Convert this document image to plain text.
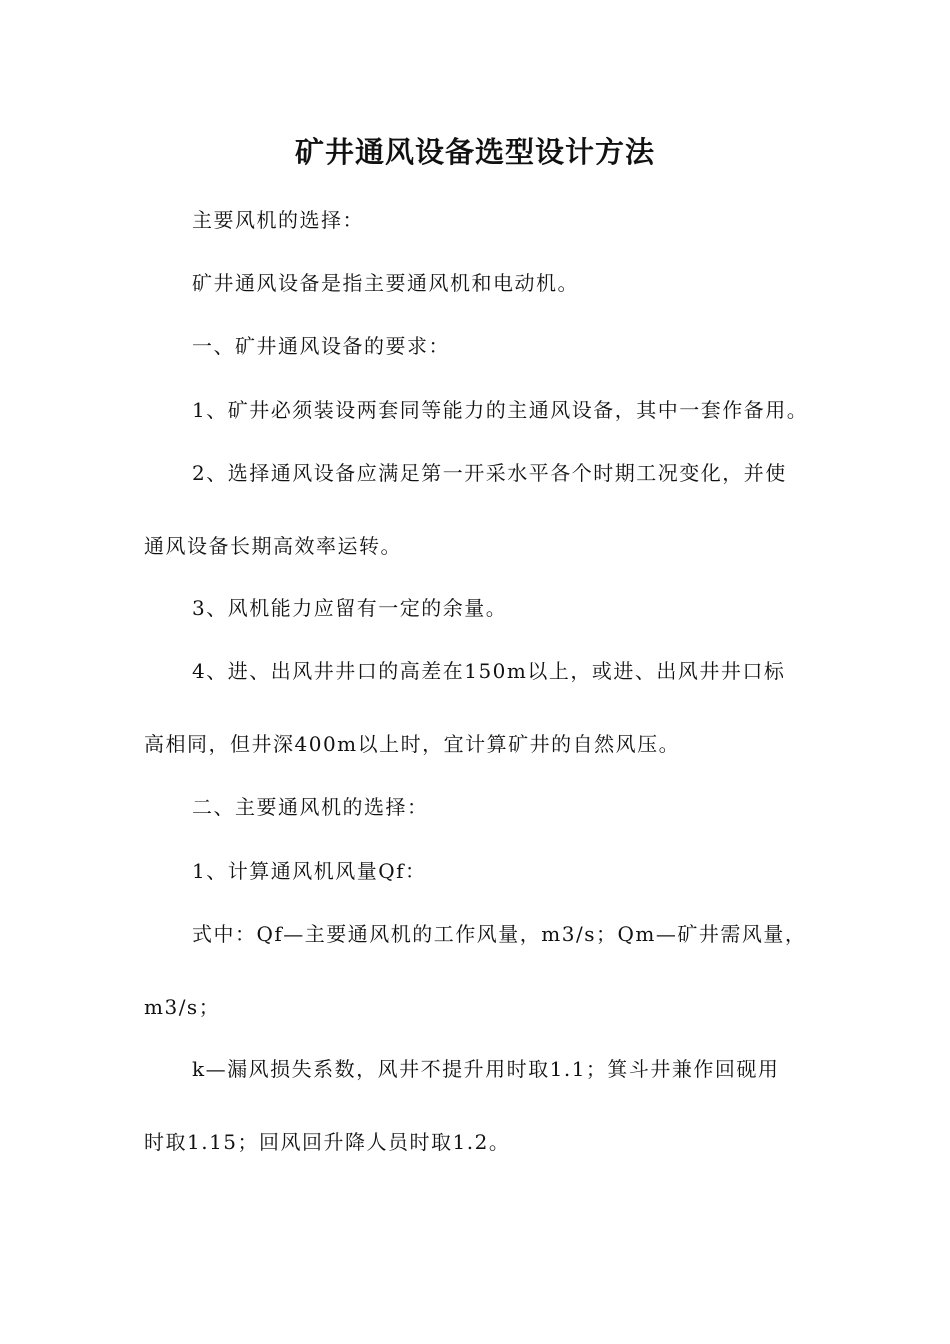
矿井通风设备选型设计方法

主要风机的选择：

矿井通风设备是指主要通风机和电动机。

一、矿井通风设备的要求：

1、矿井必须装设两套同等能力的主通风设备，其中一套作备用。

2、选择通风设备应满足第一开采水平各个时期工况变化，并使

通风设备长期高效率运转。

3、风机能力应留有一定的余量。

4、进、出风井井口的高差在150m以上，或进、出风井井口标

高相同，但井深400m以上时，宜计算矿井的自然风压。

二、主要通风机的选择：

1、计算通风机风量Qf：

式中：Qf—主要通风机的工作风量，m3/s；Qm—矿井需风量，

m3/s；

k—漏风损失系数，风井不提升用时取1.1；箕斗井兼作回砚用

时取1.15；回风回升降人员时取1.2。
